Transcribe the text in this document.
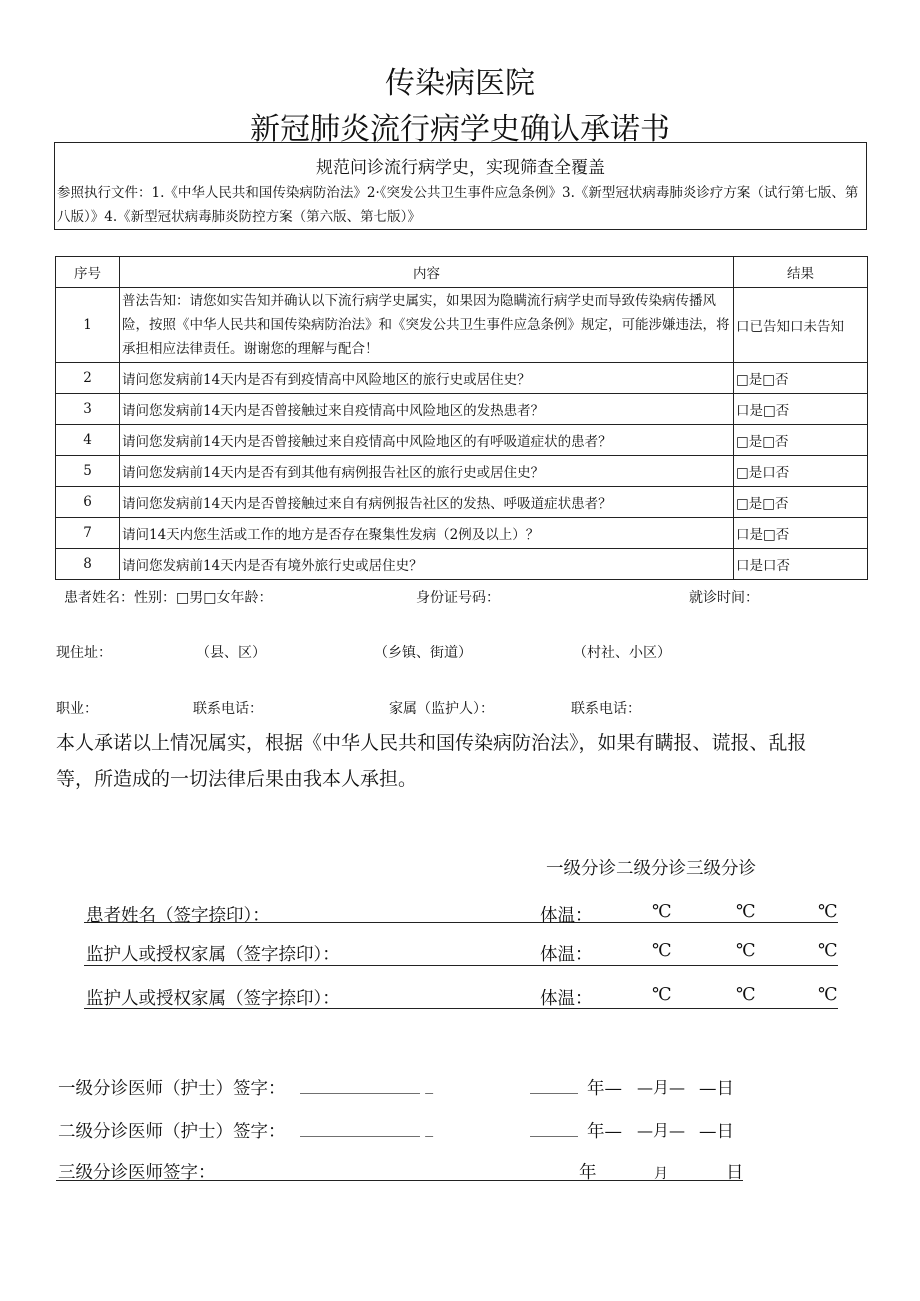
传染病医院
新冠肺炎流行病学史确认承诺书
规范问诊流行病学史，实现筛查全覆盖
参照执行文件：1.《中华人民共和国传染病防治法》2·《突发公共卫生事件应急条例》3.《新型冠状病毒肺炎诊疗方案（试行第七版、第八版）》4.《新型冠状病毒肺炎防控方案（第六版、第七版）》
序号	内容	结果
1	普法告知：请您如实告知并确认以下流行病学史属实，如果因为隐瞒流行病学史而导致传染病传播风险，按照《中华人民共和国传染病防治法》和《突发公共卫生事件应急条例》规定，可能涉嫌违法，将承担相应法律责任。谢谢您的理解与配合！	口已告知口未告知
2	请问您发病前14天内是否有到疫情高中风险地区的旅行史或居住史？	□是□否
3	请问您发病前14天内是否曾接触过来自疫情高中风险地区的发热患者？	口是□否
4	请问您发病前14天内是否曾接触过来自疫情高中风险地区的有呼吸道症状的患者？	□是□否
5	请问您发病前14天内是否有到其他有病例报告社区的旅行史或居住史？	□是口否
6	请问您发病前14天内是否曾接触过来自有病例报告社区的发热、呼吸道症状患者？	□是□否
7	请问14天内您生活或工作的地方是否存在聚集性发病（2例及以上）？	口是□否
8	请问您发病前14天内是否有境外旅行史或居住史？	口是口否
患者姓名：性别：□男□女年龄：	身份证号码：	就诊时间：
现住址：	（县、区）	（乡镇、街道）	（村社、小区）
职业：	联系电话：	家属（监护人）：	联系电话：
本人承诺以上情况属实，根据《中华人民共和国传染病防治法》，如果有瞒报、谎报、乱报
等，所造成的一切法律后果由我本人承担。
一级分诊二级分诊三级分诊
患者姓名（签字捺印）：	体温：	℃	℃	℃
监护人或授权家属（签字捺印）：	体温：	℃	℃	℃
监护人或授权家属（签字捺印）：	体温：	℃	℃	℃
一级分诊医师（护士）签字： _______________ _	______ 年— —月— —日
二级分诊医师（护士）签字： _______________ _	______ 年— —月— —日
三级分诊医师签字：	年	月	日
